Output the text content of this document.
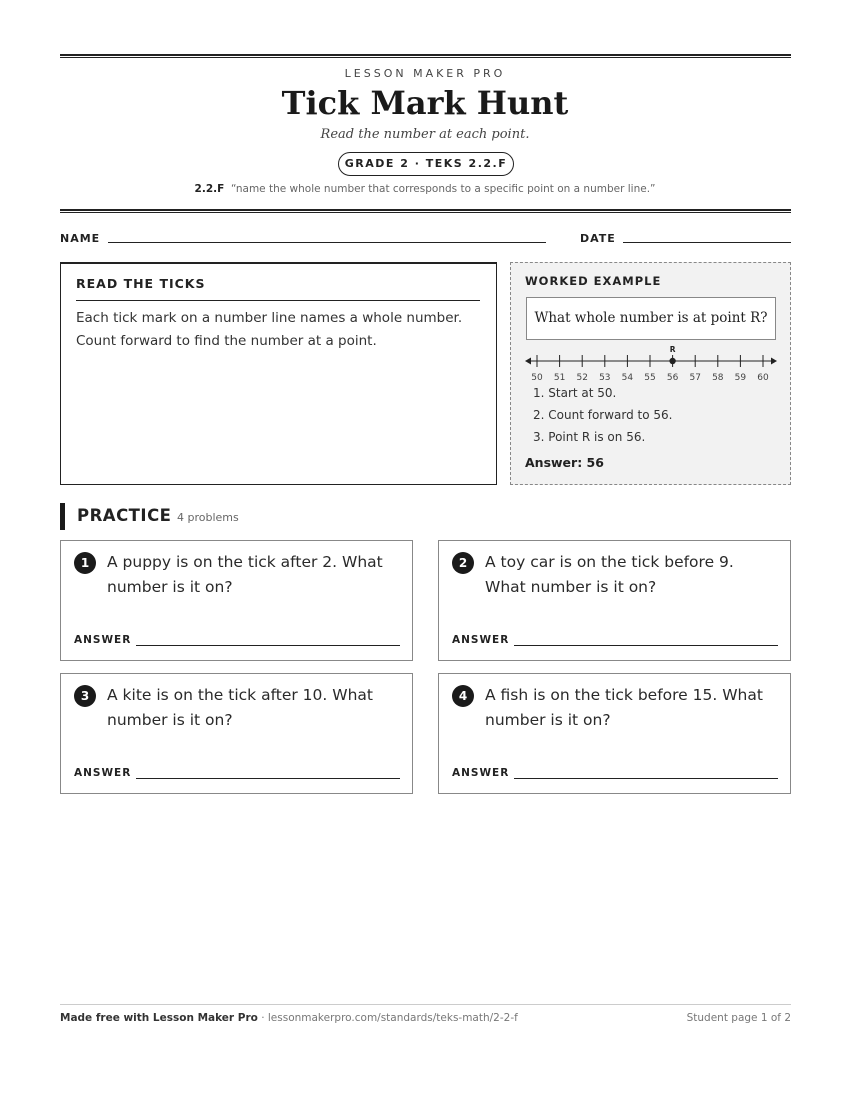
LESSON MAKER PRO
Tick Mark Hunt
Read the number at each point.
GRADE 2 · TEKS 2.2.F
2.2.F “name the whole number that corresponds to a specific point on a number line.”
NAME	DATE
READ THE TICKS
Each tick mark on a number line names a whole number. Count forward to find the number at a point.
WORKED EXAMPLE
What whole number is at point R?
50 51 52 53 54 55 56 57 58 59 60
R
1. Start at 50.
2. Count forward to 56.
3. Point R is on 56.
Answer: 56
PRACTICE 4 problems
1	A puppy is on the tick after 2. What number is it on?
ANSWER
2	A toy car is on the tick before 9. What number is it on?
ANSWER
3	A kite is on the tick after 10. What number is it on?
ANSWER
4	A fish is on the tick before 15. What number is it on?
ANSWER
Made free with Lesson Maker Pro · lessonmakerpro.com/standards/teks-math/2-2-f	Student page 1 of 2
